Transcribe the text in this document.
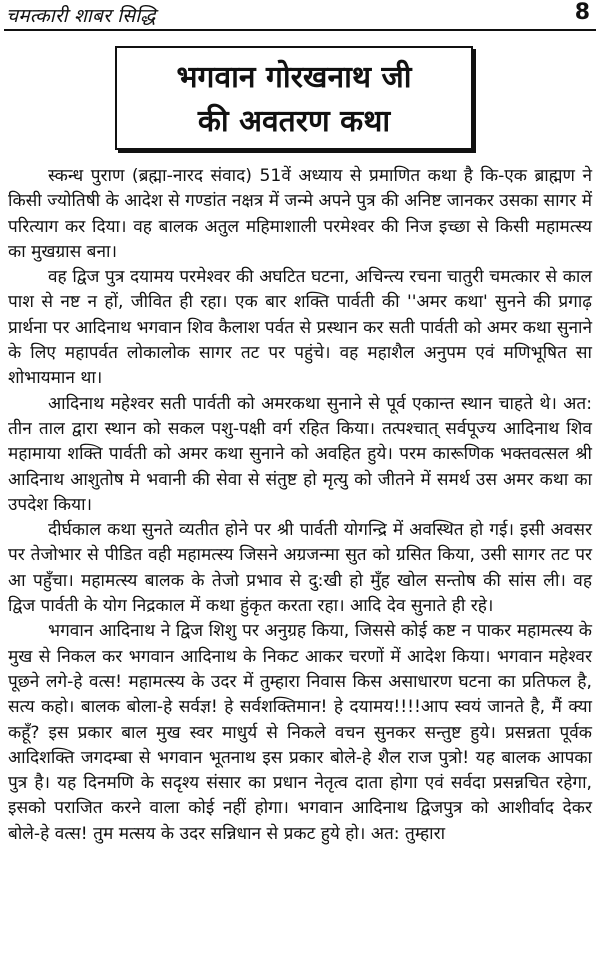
चमत्कारी शाबर सिद्धि	8
भगवान गोरखनाथ जी
की अवतरण कथा

स्कन्ध पुराण (ब्रह्मा-नारद संवाद) 51वें अध्याय से प्रमाणित कथा है कि-एक ब्राह्मण ने किसी ज्योतिषी के आदेश से गण्डांत नक्षत्र में जन्मे अपने पुत्र की अनिष्ट जानकर उसका सागर में परित्याग कर दिया। वह बालक अतुल महिमाशाली परमेश्वर की निज इच्छा से किसी महामत्स्य का मुखग्रास बना।

वह द्विज पुत्र दयामय परमेश्वर की अघटित घटना, अचिन्त्य रचना चातुरी चमत्कार से काल पाश से नष्ट न हों, जीवित ही रहा। एक बार शक्ति पार्वती की ''अमर कथा' सुनने की प्रगाढ़ प्रार्थना पर आदिनाथ भगवान शिव कैलाश पर्वत से प्रस्थान कर सती पार्वती को अमर कथा सुनाने के लिए महापर्वत लोकालोक सागर तट पर पहुंचे। वह महाशैल अनुपम एवं मणिभूषित सा शोभायमान था।

आदिनाथ महेश्वर सती पार्वती को अमरकथा सुनाने से पूर्व एकान्त स्थान चाहते थे। अत: तीन ताल द्वारा स्थान को सकल पशु-पक्षी वर्ग रहित किया। तत्पश्चात् सर्वपूज्य आदिनाथ शिव महामाया शक्ति पार्वती को अमर कथा सुनाने को अवहित हुये। परम कारूणिक भक्तवत्सल श्री आदिनाथ आशुतोष मे भवानी की सेवा से संतुष्ट हो मृत्यु को जीतने में समर्थ उस अमर कथा का उपदेश किया।

दीर्घकाल कथा सुनते व्यतीत होने पर श्री पार्वती योगन्द्रि में अवस्थित हो गई। इसी अवसर पर तेजोभार से पीडित वही महामत्स्य जिसने अग्रजन्मा सुत को ग्रसित किया, उसी सागर तट पर आ पहुँचा। महामत्स्य बालक के तेजो प्रभाव से दु:खी हो मुँह खोल सन्तोष की सांस ली। वह द्विज पार्वती के योग निद्रकाल में कथा हुंकृत करता रहा। आदि देव सुनाते ही रहे।

भगवान आदिनाथ ने द्विज शिशु पर अनुग्रह किया, जिससे कोई कष्ट न पाकर महामत्स्य के मुख से निकल कर भगवान आदिनाथ के निकट आकर चरणों में आदेश किया। भगवान महेश्वर पूछने लगे-हे वत्स! महामत्स्य के उदर में तुम्हारा निवास किस असाधारण घटना का प्रतिफल है, सत्य कहो। बालक बोला-हे सर्वज्ञ! हे सर्वशक्तिमान! हे दयामय!!!!आप स्वयं जानते है, मैं क्या कहूँ? इस प्रकार बाल मुख स्वर माधुर्य से निकले वचन सुनकर सन्तुष्ट हुये। प्रसन्नता पूर्वक आदिशक्ति जगदम्बा से भगवान भूतनाथ इस प्रकार बोले-हे शैल राज पुत्रो! यह बालक आपका पुत्र है। यह दिनमणि के सदृश्य संसार का प्रधान नेतृत्व दाता होगा एवं सर्वदा प्रसन्नचित रहेगा, इसको पराजित करने वाला कोई नहीं होगा। भगवान आदिनाथ द्विजपुत्र को आशीर्वाद देकर बोले-हे वत्स! तुम मत्सय के उदर सन्निधान से प्रकट हुये हो। अत: तुम्हारा
